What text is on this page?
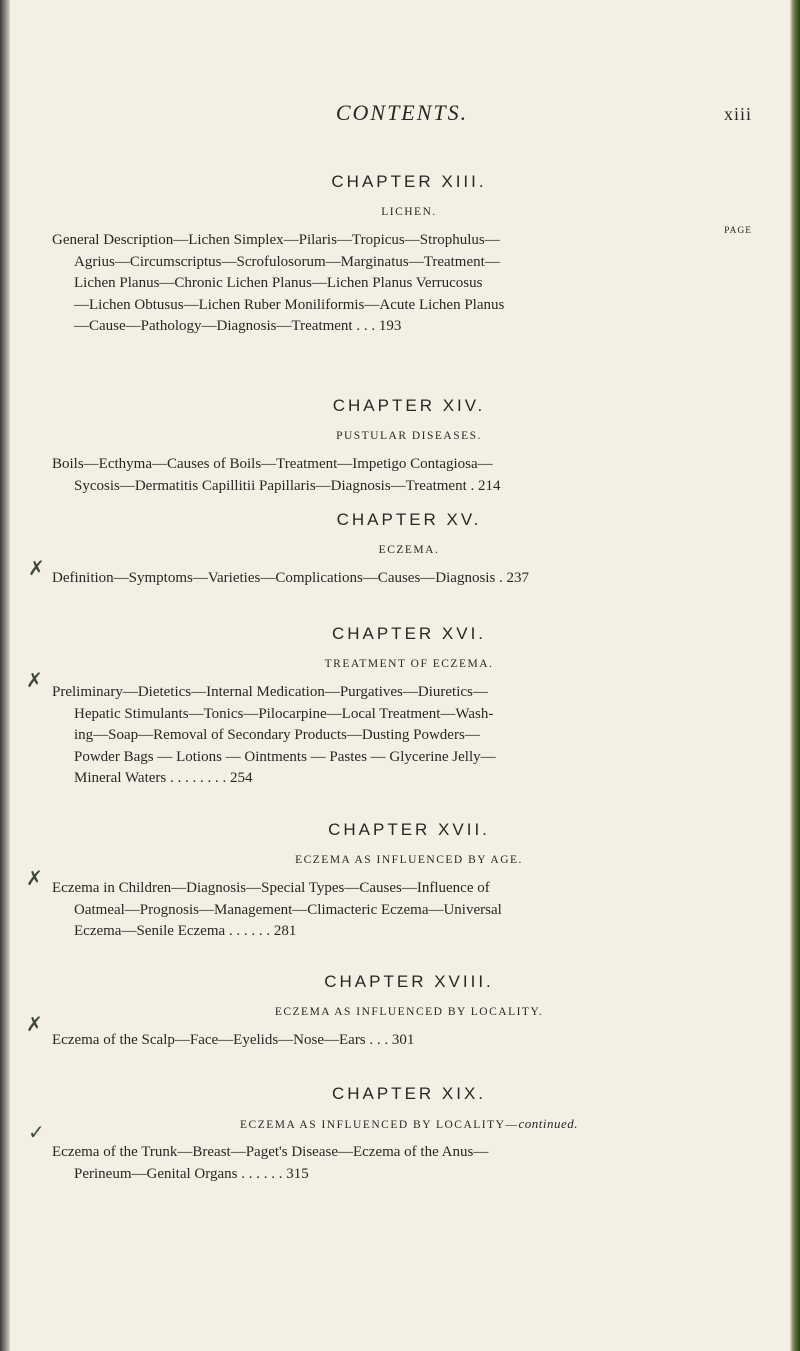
CONTENTS.	xiii
CHAPTER XIII.
LICHEN.
PAGE
General Description—Lichen Simplex—Pilaris—Tropicus—Strophulus—
Agrius—Circumscriptus—Scrofulosorum—Marginatus—Treatment—
Lichen Planus—Chronic Lichen Planus—Lichen Planus Verrucosus
—Lichen Obtusus—Lichen Ruber Moniliformis—Acute Lichen Planus
—Cause—Pathology—Diagnosis—Treatment . . . 193
CHAPTER XIV.
PUSTULAR DISEASES.
Boils—Ecthyma—Causes of Boils—Treatment—Impetigo Contagiosa—
Sycosis—Dermatitis Capillitii Papillaris—Diagnosis—Treatment . 214
CHAPTER XV.
ECZEMA.
Definition—Symptoms—Varieties—Complications—Causes—Diagnosis . 237
CHAPTER XVI.
TREATMENT OF ECZEMA.
Preliminary—Dietetics—Internal Medication—Purgatives—Diuretics—
Hepatic Stimulants—Tonics—Pilocarpine—Local Treatment—Wash-
ing—Soap—Removal of Secondary Products—Dusting Powders—
Powder Bags — Lotions — Ointments — Pastes — Glycerine Jelly—
Mineral Waters . . . . . . . . 254
CHAPTER XVII.
ECZEMA AS INFLUENCED BY AGE.
Eczema in Children—Diagnosis—Special Types—Causes—Influence of
Oatmeal—Prognosis—Management—Climacteric Eczema—Universal
Eczema—Senile Eczema . . . . . . 281
CHAPTER XVIII.
ECZEMA AS INFLUENCED BY LOCALITY.
Eczema of the Scalp—Face—Eyelids—Nose—Ears . . . 301
CHAPTER XIX.
ECZEMA AS INFLUENCED BY LOCALITY—continued.
Eczema of the Trunk—Breast—Paget's Disease—Eczema of the Anus—
Perineum—Genital Organs . . . . . . 315
✗
✗
✗
✗
✓
